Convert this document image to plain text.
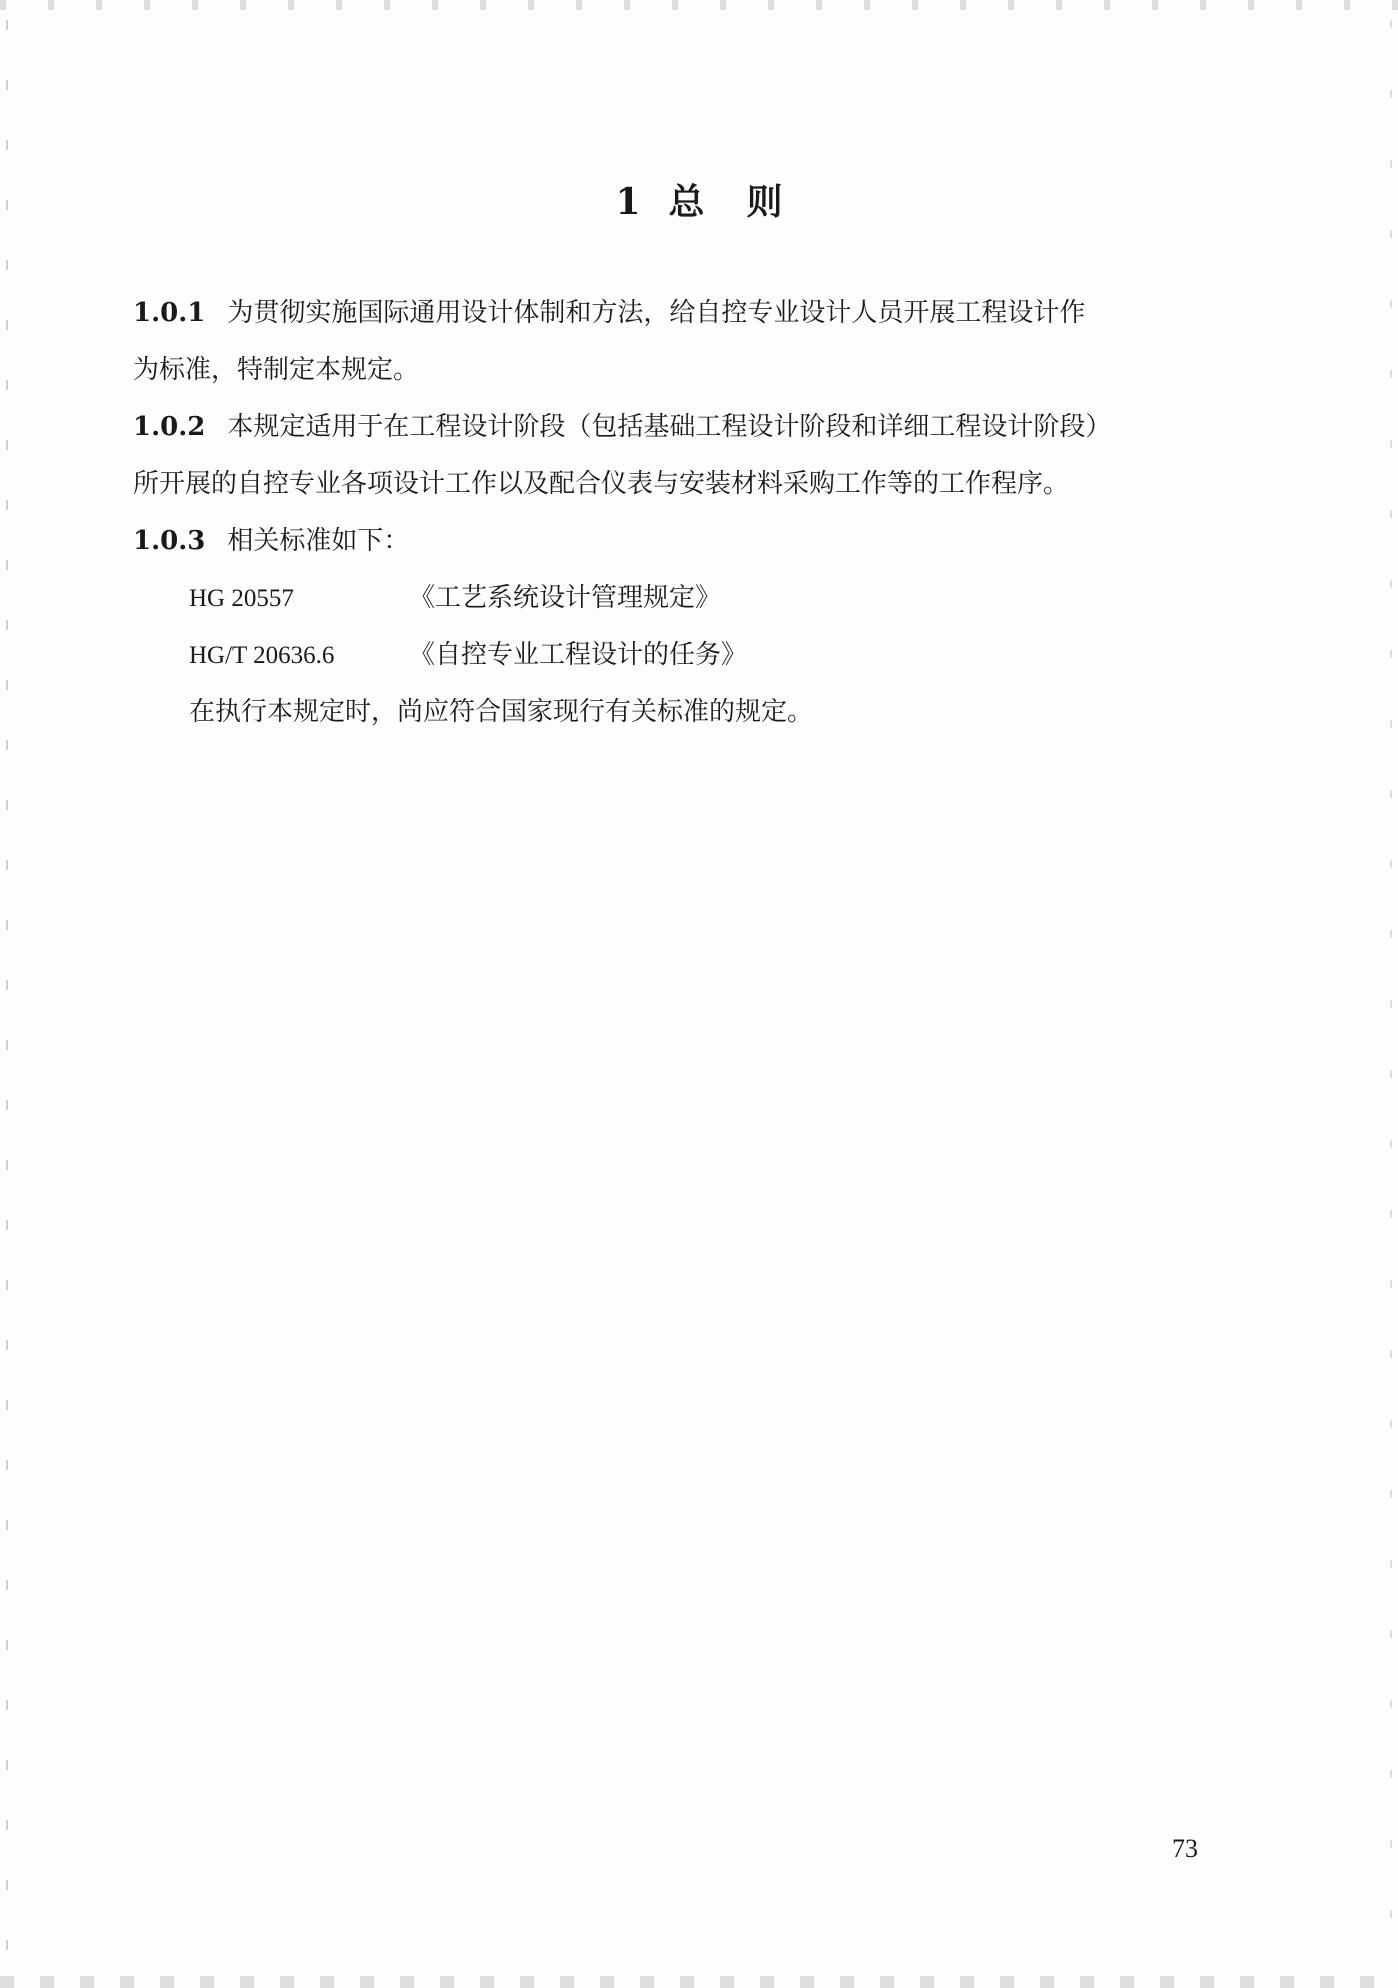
1 总 则
1.0.1 为贯彻实施国际通用设计体制和方法，给自控专业设计人员开展工程设计作
为标准，特制定本规定。
1.0.2 本规定适用于在工程设计阶段（包括基础工程设计阶段和详细工程设计阶段）
所开展的自控专业各项设计工作以及配合仪表与安装材料采购工作等的工作程序。
1.0.3 相关标准如下：
HG 20557	《工艺系统设计管理规定》
HG/T 20636.6	《自控专业工程设计的任务》
在执行本规定时，尚应符合国家现行有关标准的规定。
73
